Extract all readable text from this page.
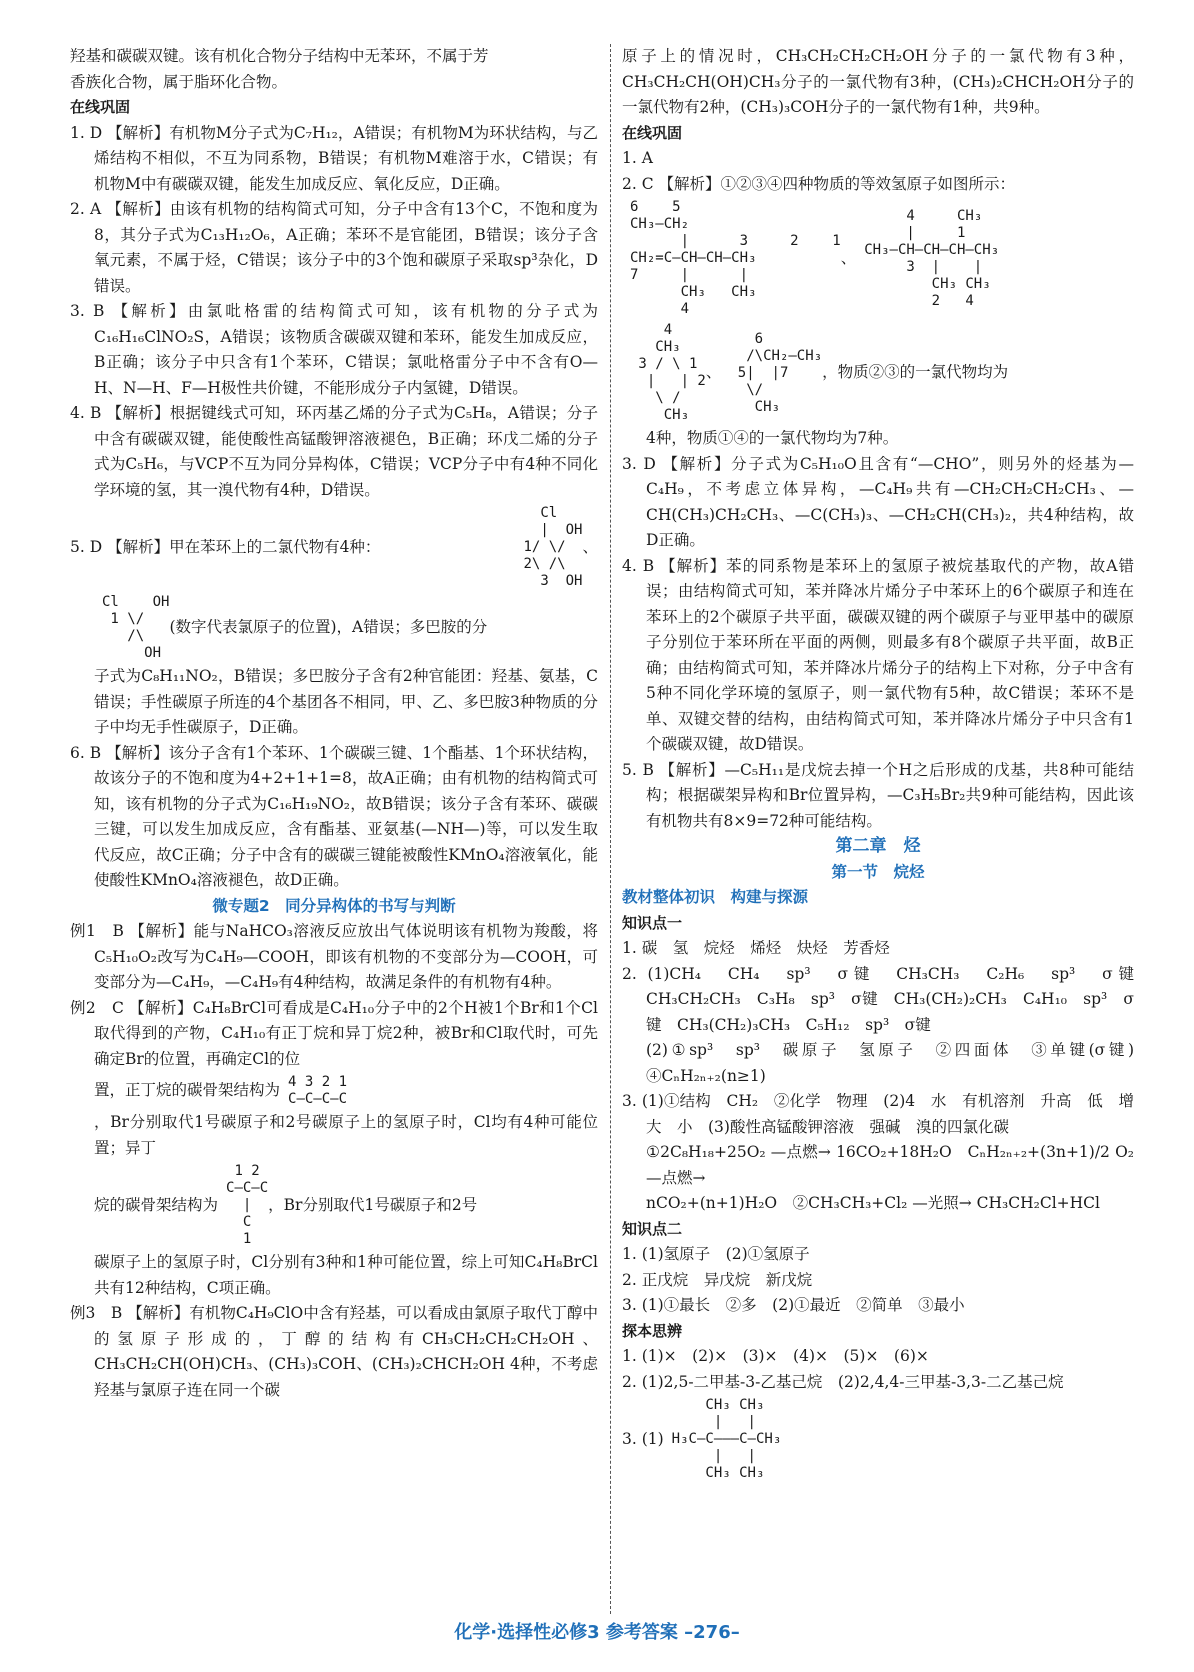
羟基和碳碳双键。该有机化合物分子结构中无苯环，不属于芳

香族化合物，属于脂环化合物。

在线巩固

1. D 【解析】有机物M分子式为C₇H₁₂，A错误；有机物M为环状结构，与乙烯结构不相似，不互为同系物，B错误；有机物M难溶于水，C错误；有机物M中有碳碳双键，能发生加成反应、氧化反应，D正确。

2. A 【解析】由该有机物的结构简式可知，分子中含有13个C，不饱和度为8，其分子式为C₁₃H₁₂O₆，A正确；苯环不是官能团，B错误；该分子含氧元素，不属于烃，C错误；该分子中的3个饱和碳原子采取sp³杂化，D错误。

3. B 【解析】由氯吡格雷的结构简式可知，该有机物的分子式为C₁₆H₁₆ClNO₂S，A错误；该物质含碳碳双键和苯环，能发生加成反应，B正确；该分子中只含有1个苯环，C错误；氯吡格雷分子中不含有O—H、N—H、F—H极性共价键，不能形成分子内氢键，D错误。

4. B 【解析】根据键线式可知，环丙基乙烯的分子式为C₅H₈，A错误；分子中含有碳碳双键，能使酸性高锰酸钾溶液褪色，B正确；环戊二烯的分子式为C₅H₆，与VCP不互为同分异构体，C错误；VCP分子中有4种不同化学环境的氢，其一溴代物有4种，D错误。

5. D 【解析】甲在苯环上的二氯代物有4种：

Cl
|  OH
1/ \/
2\ /\
3  OH
、
Cl    OH
1 \/
/\
OH

(数字代表氯原子的位置)，A错误；多巴胺的分

子式为C₈H₁₁NO₂，B错误；多巴胺分子含有2种官能团：羟基、氨基，C错误；手性碳原子所连的4个基团各不相同，甲、乙、多巴胺3种物质的分子中均无手性碳原子，D正确。

6. B 【解析】该分子含有1个苯环、1个碳碳三键、1个酯基、1个环状结构，故该分子的不饱和度为4+2+1+1=8，故A正确；由有机物的结构简式可知，该有机物的分子式为C₁₆H₁₉NO₂，故B错误；该分子含有苯环、碳碳三键，可以发生加成反应，含有酯基、亚氨基(—NH—)等，可以发生取代反应，故C正确；分子中含有的碳碳三键能被酸性KMnO₄溶液氧化，能使酸性KMnO₄溶液褪色，故D正确。

微专题2　同分异构体的书写与判断

例1　B 【解析】能与NaHCO₃溶液反应放出气体说明该有机物为羧酸，将C₅H₁₀O₂改写为C₄H₉—COOH，即该有机物的不变部分为—COOH，可变部分为—C₄H₉，—C₄H₉有4种结构，故满足条件的有机物有4种。

例2　C 【解析】C₄H₈BrCl可看成是C₄H₁₀分子中的2个H被1个Br和1个Cl取代得到的产物，C₄H₁₀有正丁烷和异丁烷2种，被Br和Cl取代时，可先确定Br的位置，再确定Cl的位

置，正丁烷的碳骨架结构为 4 3 2 1
C—C—C—C

，Br分别取代1号碳原子和2号碳原子上的氢原子时，Cl均有4种可能位置；异丁

烷的碳骨架结构为
1 2
C—C—C
|
C
1
，Br分别取代1号碳原子和2号

碳原子上的氢原子时，Cl分别有3种和1种可能位置，综上可知C₄H₈BrCl共有12种结构，C项正确。

例3　B 【解析】有机物C₄H₉ClO中含有羟基，可以看成由氯原子取代丁醇中的氢原子形成的，丁醇的结构有CH₃CH₂CH₂CH₂OH、CH₃CH₂CH(OH)CH₃、(CH₃)₃COH、(CH₃)₂CHCH₂OH 4种，不考虑羟基与氯原子连在同一个碳

原子上的情况时，CH₃CH₂CH₂CH₂OH分子的一氯代物有3种，CH₃CH₂CH(OH)CH₃分子的一氯代物有3种，(CH₃)₂CHCH₂OH分子的一氯代物有2种，(CH₃)₃COH分子的一氯代物有1种，共9种。

在线巩固

1. A

2. C 【解析】①②③④四种物质的等效氢原子如图所示：

6    5
CH₃—CH₂
|      3     2    1
CH₂=C—CH—CH—CH₃
7     |      |
CH₃   CH₃
4
、
4     CH₃
|     1
CH₃—CH—CH—CH—CH₃
3  |    |
CH₃ CH₃
2   4
4
CH₃
3 / \ 1
|   | 2
\ /
CH₃
、
6
/\CH₂—CH₃
5|  |7
\/
CH₃
，物质②③的一氯代物均为

4种，物质①④的一氯代物均为7种。

3. D 【解析】分子式为C₅H₁₀O且含有“—CHO”，则另外的烃基为—C₄H₉，不考虑立体异构，—C₄H₉共有—CH₂CH₂CH₂CH₃、—CH(CH₃)CH₂CH₃、—C(CH₃)₃、—CH₂CH(CH₃)₂，共4种结构，故D正确。

4. B 【解析】苯的同系物是苯环上的氢原子被烷基取代的产物，故A错误；由结构简式可知，苯并降冰片烯分子中苯环上的6个碳原子和连在苯环上的2个碳原子共平面，碳碳双键的两个碳原子与亚甲基中的碳原子分别位于苯环所在平面的两侧，则最多有8个碳原子共平面，故B正确；由结构简式可知，苯并降冰片烯分子的结构上下对称，分子中含有5种不同化学环境的氢原子，则一氯代物有5种，故C错误；苯环不是单、双键交替的结构，由结构简式可知，苯并降冰片烯分子中只含有1个碳碳双键，故D错误。

5. B 【解析】—C₅H₁₁是戊烷去掉一个H之后形成的戊基，共8种可能结构；根据碳架异构和Br位置异构，—C₃H₅Br₂共9种可能结构，因此该有机物共有8×9=72种可能结构。

第二章　烃

第一节　烷烃

教材整体初识　构建与探源

知识点一

1. 碳　氢　烷烃　烯烃　炔烃　芳香烃

2. (1)CH₄　CH₄　sp³　σ键　CH₃CH₃　C₂H₆　sp³　σ键　CH₃CH₂CH₃　C₃H₈　sp³　σ键　CH₃(CH₂)₂CH₃　C₄H₁₀　sp³　σ键　CH₃(CH₂)₃CH₃　C₅H₁₂　sp³　σ键

(2)①sp³　sp³　碳原子　氢原子　②四面体　③单键(σ键)　④CₙH₂ₙ₊₂(n≥1)

3. (1)①结构　CH₂　②化学　物理　(2)4　水　有机溶剂　升高　低　增大　小　(3)酸性高锰酸钾溶液　强碱　溴的四氯化碳

①2C₈H₁₈+25O₂ —点燃→ 16CO₂+18H₂O　CₙH₂ₙ₊₂+(3n+1)/2 O₂ —点燃→

nCO₂+(n+1)H₂O　②CH₃CH₃+Cl₂ —光照→ CH₃CH₂Cl+HCl

知识点二

1. (1)氢原子　(2)①氢原子

2. 正戊烷　异戊烷　新戊烷

3. (1)①最长　②多　(2)①最近　②简单　③最小

探本思辨

1. (1)×　(2)×　(3)×　(4)×　(5)×　(6)×

2. (1)2,5-二甲基-3-乙基己烷　(2)2,4,4-三甲基-3,3-二乙基己烷

3. (1)
CH₃ CH₃
|   |
H₃C—C———C—CH₃
|   |
CH₃ CH₃
化学·选择性必修3 参考答案 –276–
